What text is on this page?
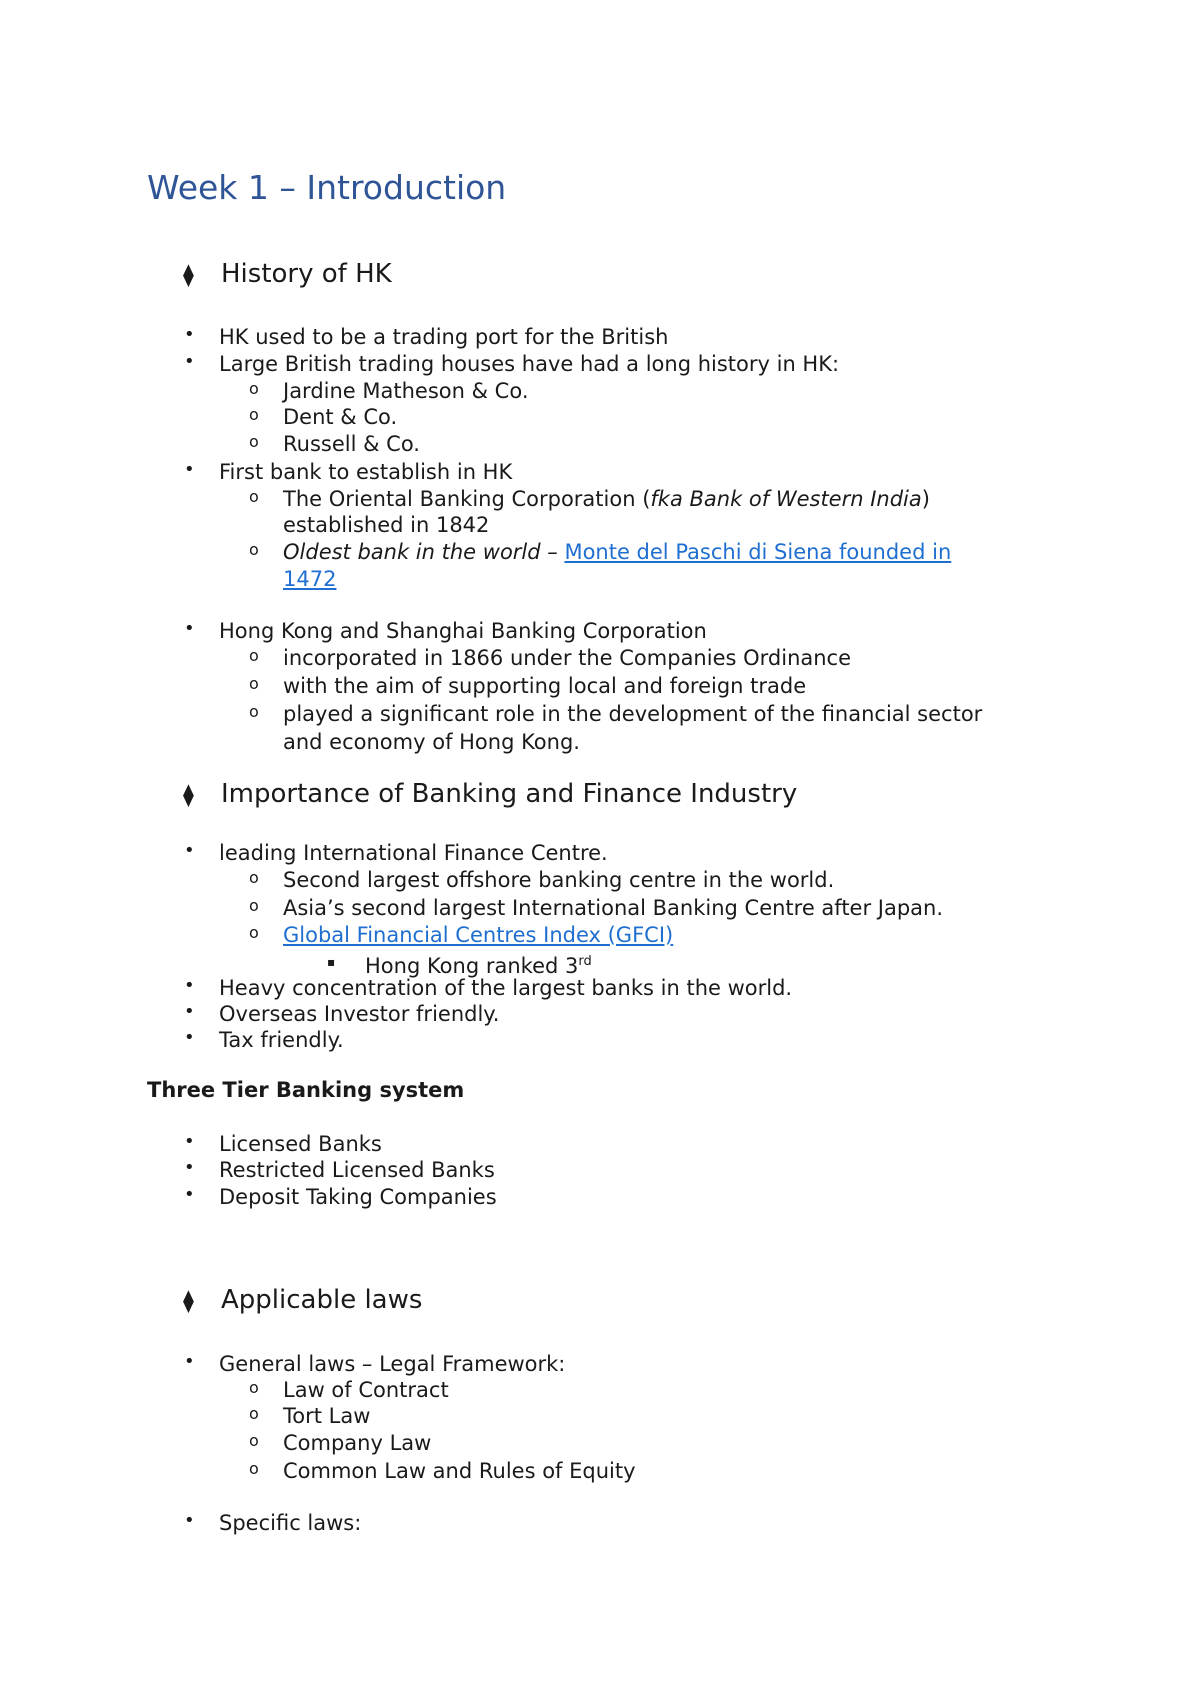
Week 1 – Introduction
⧫ History of HK
• HK used to be a trading port for the British
• Large British trading houses have had a long history in HK:
o Jardine Matheson & Co.
o Dent & Co.
o Russell & Co.
• First bank to establish in HK
o The Oriental Banking Corporation (fka Bank of Western India)
established in 1842
o Oldest bank in the world – Monte del Paschi di Siena founded in
1472
• Hong Kong and Shanghai Banking Corporation
o incorporated in 1866 under the Companies Ordinance
o with the aim of supporting local and foreign trade
o played a significant role in the development of the financial sector
and economy of Hong Kong.
⧫ Importance of Banking and Finance Industry
• leading International Finance Centre.
o Second largest offshore banking centre in the world.
o Asia’s second largest International Banking Centre after Japan.
o Global Financial Centres Index (GFCI)
▪ Hong Kong ranked 3rd
• Heavy concentration of the largest banks in the world.
• Overseas Investor friendly.
• Tax friendly.
Three Tier Banking system
• Licensed Banks
• Restricted Licensed Banks
• Deposit Taking Companies
⧫ Applicable laws
• General laws – Legal Framework:
o Law of Contract
o Tort Law
o Company Law
o Common Law and Rules of Equity
• Specific laws:
